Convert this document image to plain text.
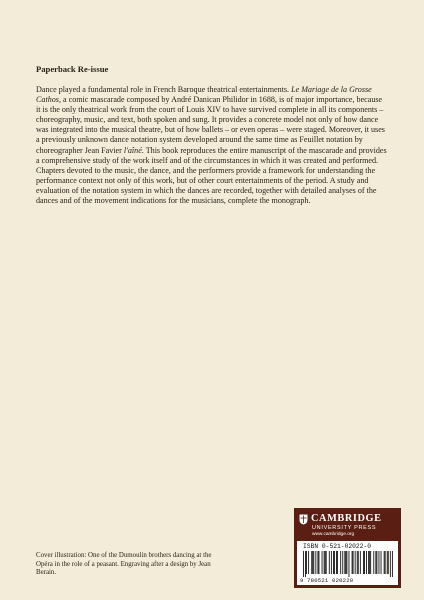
Paperback Re-issue

Dance played a fundamental role in French Baroque theatrical entertainments. Le Mariage de la Grosse Cathos, a comic mascarade composed by André Danican Philidor in 1688, is of major importance, because it is the only theatrical work from the court of Louis XIV to have survived complete in all its components – choreography, music, and text, both spoken and sung. It provides a concrete model not only of how dance was integrated into the musical theatre, but of how ballets – or even operas – were staged. Moreover, it uses a previously unknown dance notation system developed around the same time as Feuillet notation by choreographer Jean Favier l'aîné. This book reproduces the entire manuscript of the mascarade and provides a comprehensive study of the work itself and of the circumstances in which it was created and performed. Chapters devoted to the music, the dance, and the performers provide a framework for understanding the performance context not only of this work, but of other court entertainments of the period. A study and evaluation of the notation system in which the dances are recorded, together with detailed analyses of the dances and of the movement indications for the musicians, complete the monograph.

Cover illustration: One of the Dumoulin brothers dancing at the Opéra in the role of a peasant. Engraving after a design by Jean Berain.

CAMBRIDGE
UNIVERSITY PRESS
www.cambridge.org
ISBN 0-521-02022-0
9 780521 020220
